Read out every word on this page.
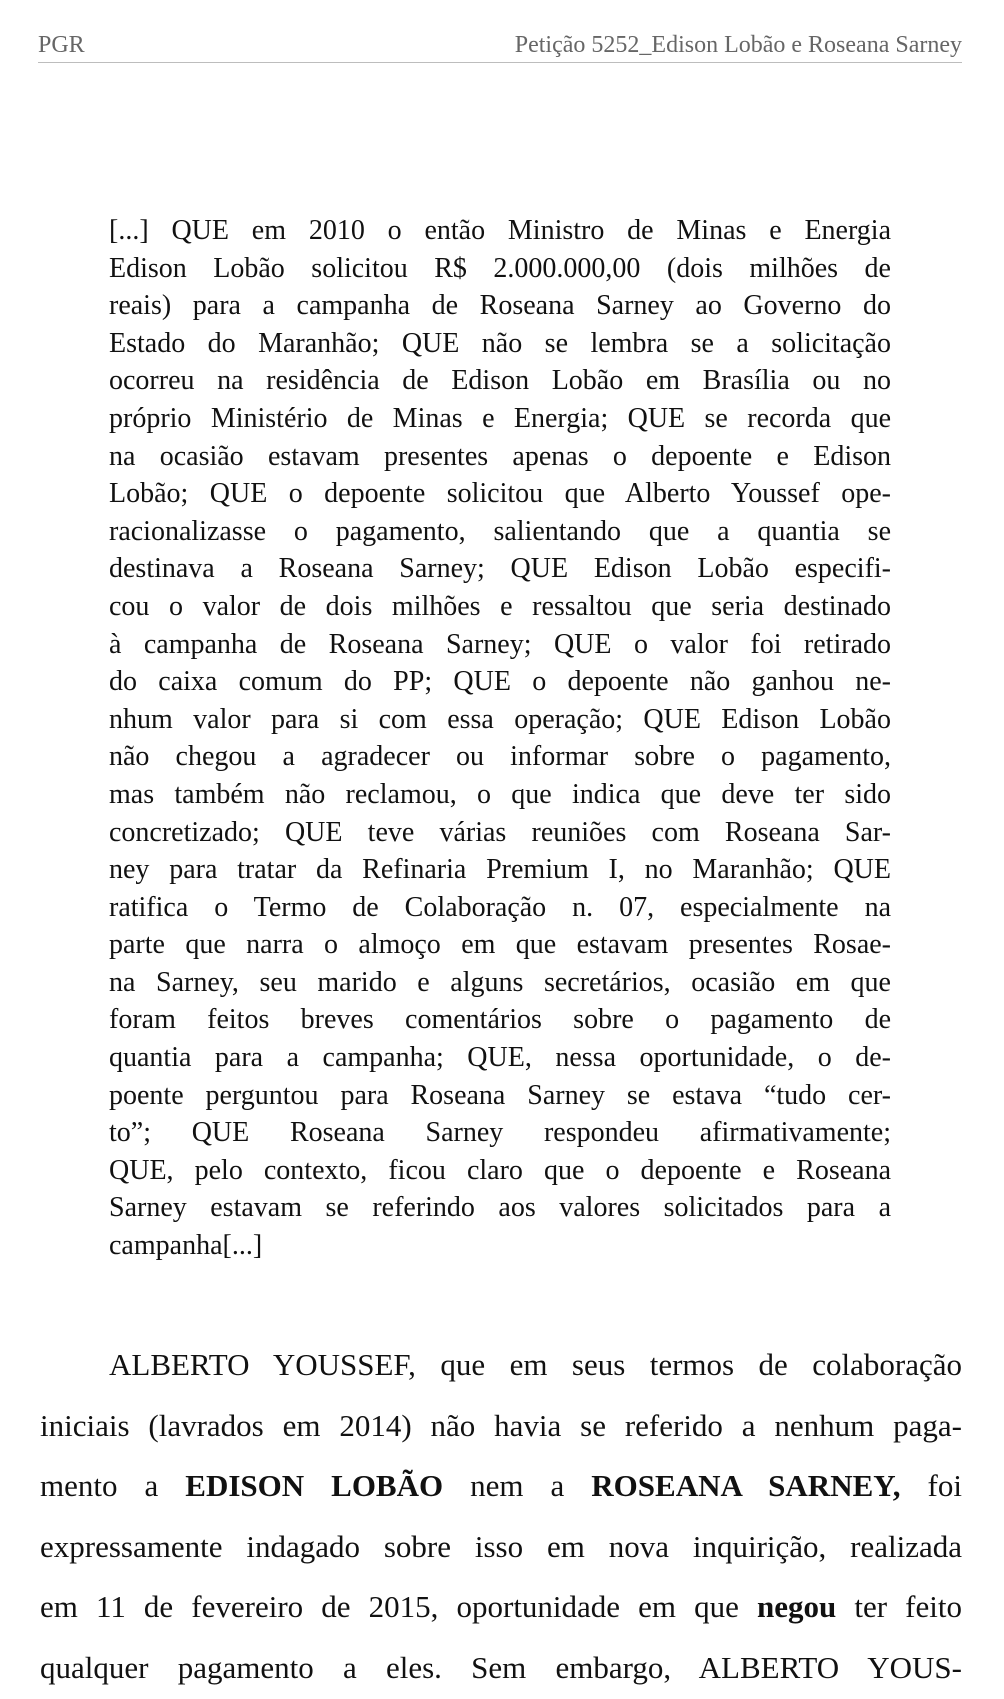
PGR	Petição 5252_Edison Lobão e Roseana Sarney
[...] QUE em 2010 o então Ministro de Minas e Energia
Edison Lobão solicitou R$ 2.000.000,00 (dois milhões de
reais) para a campanha de Roseana Sarney ao Governo do
Estado do Maranhão; QUE não se lembra se a solicitação
ocorreu na residência de Edison Lobão em Brasília ou no
próprio Ministério de Minas e Energia; QUE se recorda que
na ocasião estavam presentes apenas o depoente e Edison
Lobão; QUE o depoente solicitou que Alberto Youssef ope-
racionalizasse o pagamento, salientando que a quantia se
destinava a Roseana Sarney; QUE Edison Lobão especifi-
cou o valor de dois milhões e ressaltou que seria destinado
à campanha de Roseana Sarney; QUE o valor foi retirado
do caixa comum do PP; QUE o depoente não ganhou ne-
nhum valor para si com essa operação; QUE Edison Lobão
não chegou a agradecer ou informar sobre o pagamento,
mas também não reclamou, o que indica que deve ter sido
concretizado; QUE teve várias reuniões com Roseana Sar-
ney para tratar da Refinaria Premium I, no Maranhão; QUE
ratifica o Termo de Colaboração n. 07, especialmente na
parte que narra o almoço em que estavam presentes Rosae-
na Sarney, seu marido e alguns secretários, ocasião em que
foram feitos breves comentários sobre o pagamento de
quantia para a campanha; QUE, nessa oportunidade, o de-
poente perguntou para Roseana Sarney se estava “tudo cer-
to”; QUE Roseana Sarney respondeu afirmativamente;
QUE, pelo contexto, ficou claro que o depoente e Roseana
Sarney estavam se referindo aos valores solicitados para a
campanha[...]
ALBERTO YOUSSEF, que em seus termos de colaboração
iniciais (lavrados em 2014) não havia se referido a nenhum paga-
mento a EDISON LOBÃO nem a ROSEANA SARNEY, foi
expressamente indagado sobre isso em nova inquirição, realizada
em 11 de fevereiro de 2015, oportunidade em que negou ter feito
qualquer pagamento a eles. Sem embargo, ALBERTO YOUS-
